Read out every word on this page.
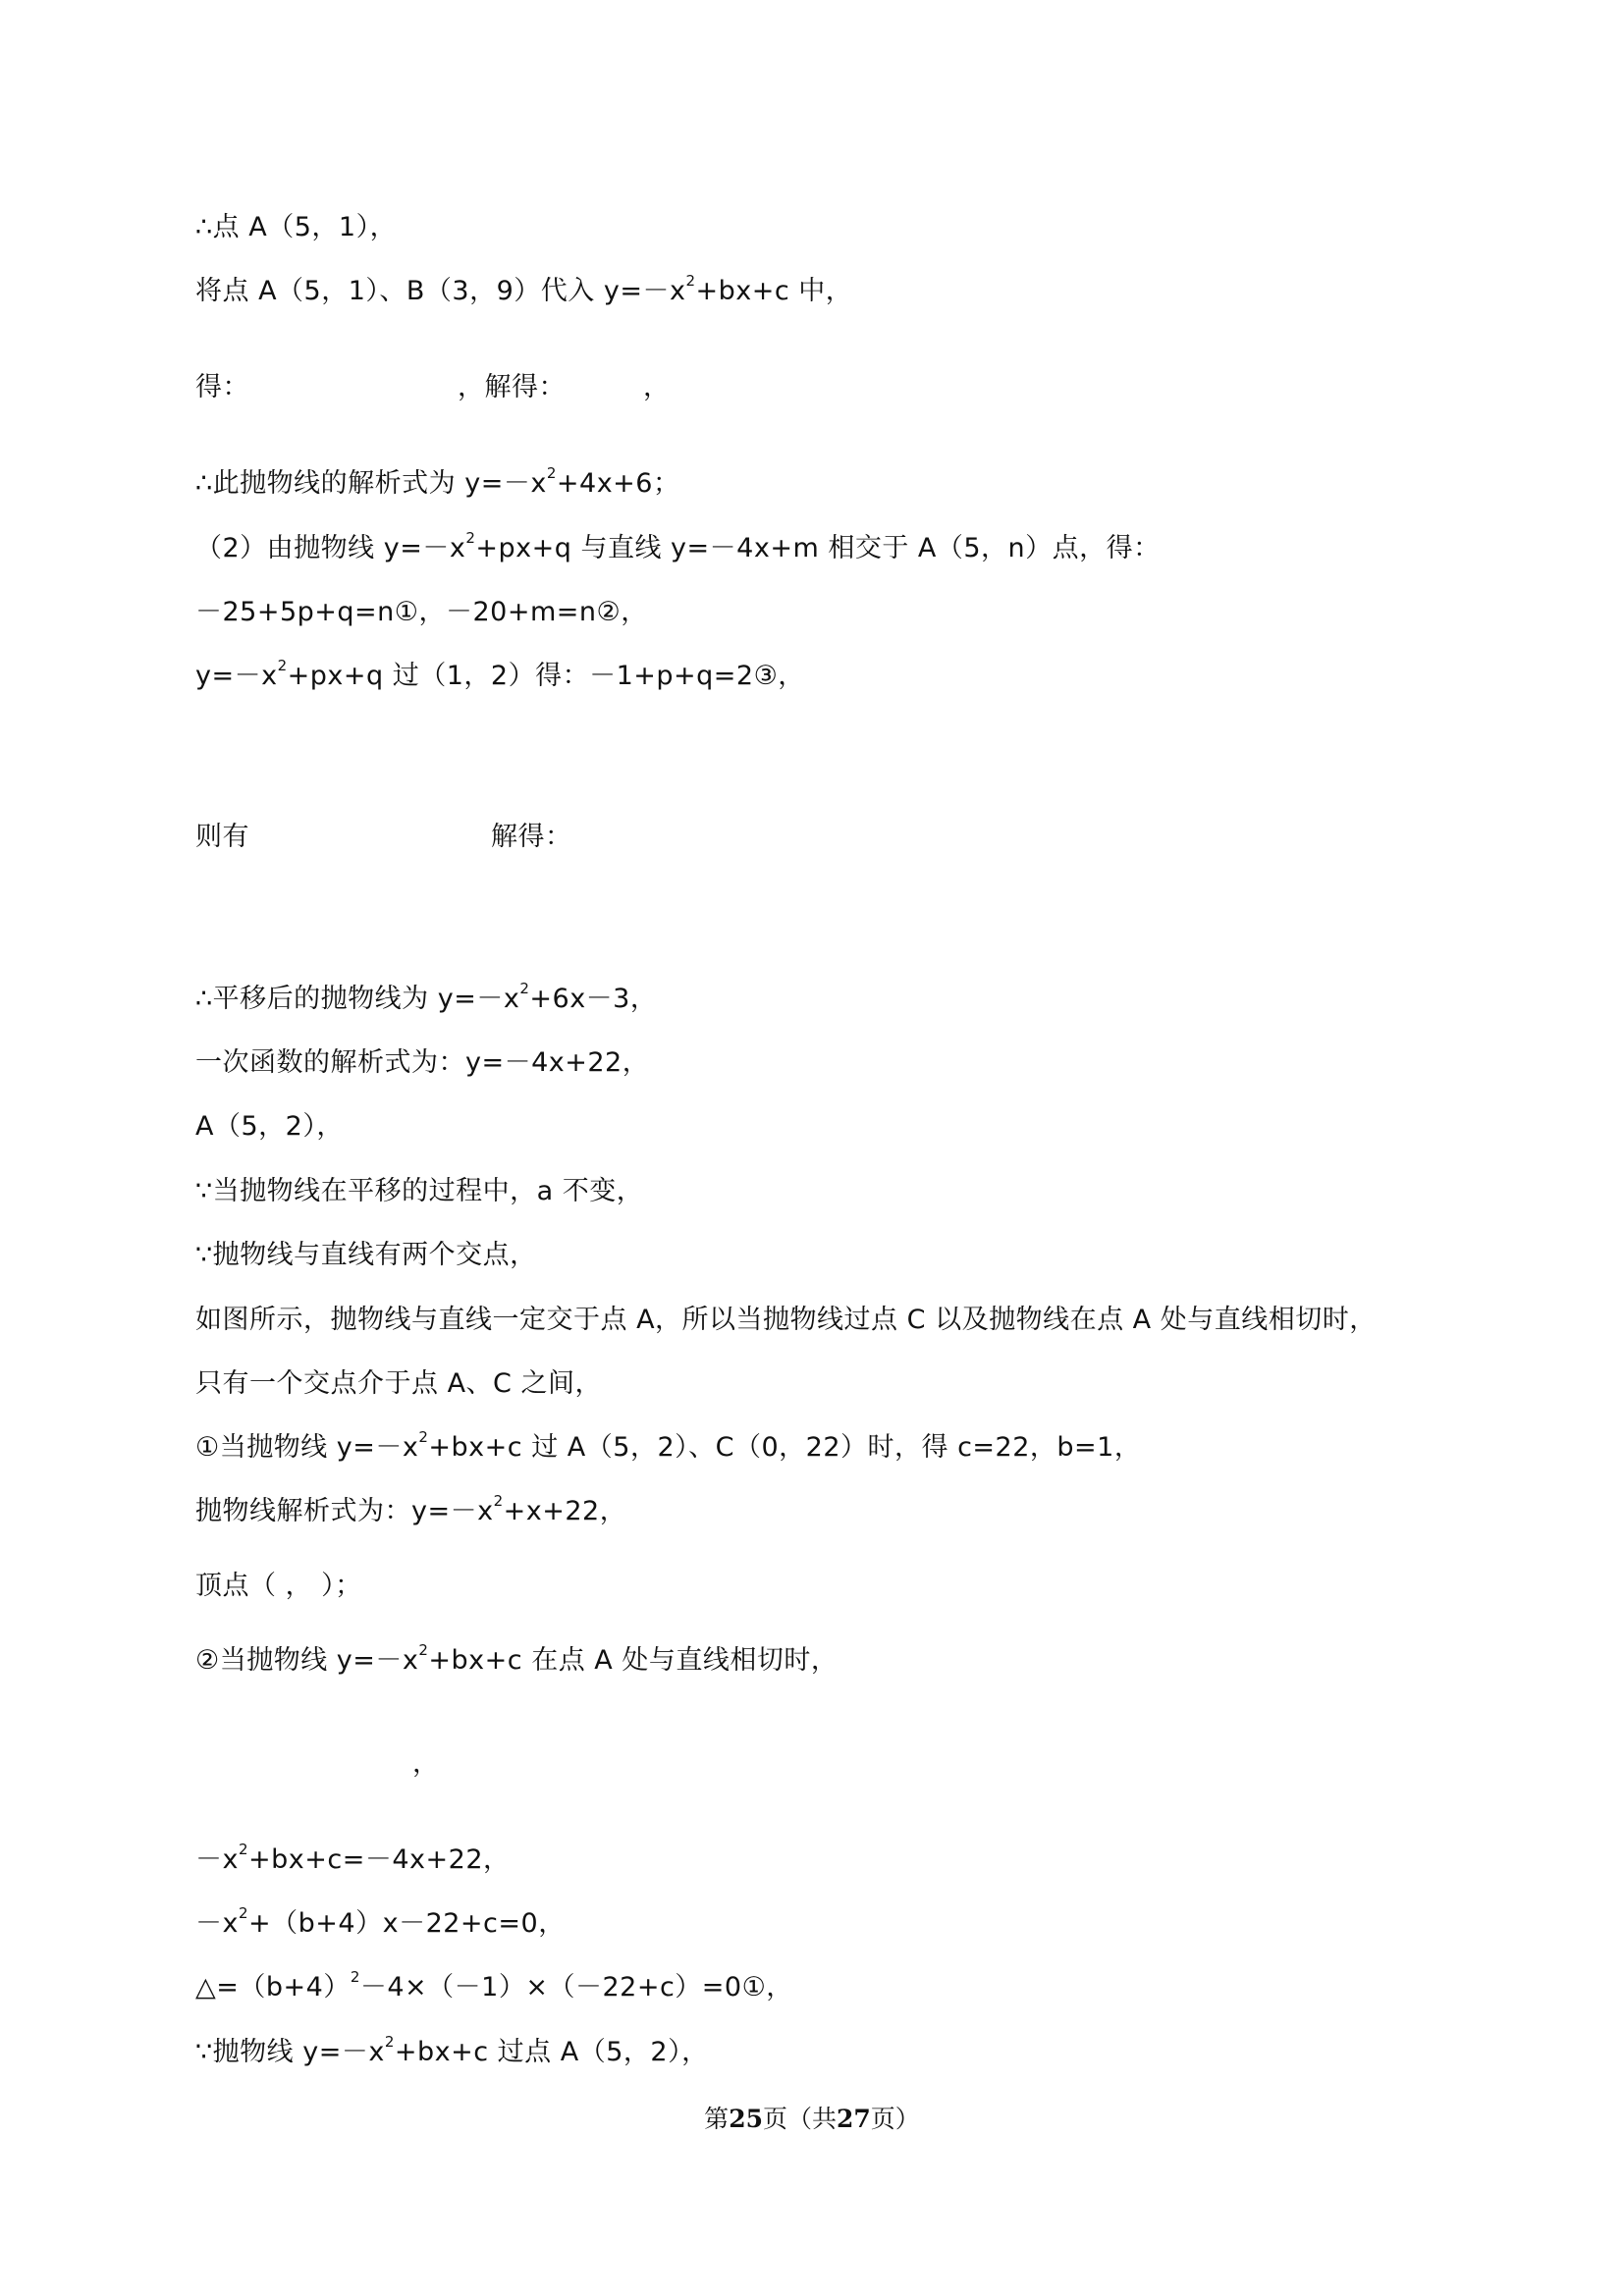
∴点 A（5，1），
将点 A（5，1）、B（3，9）代入 $y=-x^2+bx+c$ 中，
得：	，解得：	，
∴此抛物线的解析式为 $y=-x^2+4x+6$；
（2）由抛物线 $y=-x^2+px+q$ 与直线 y=－4x+m 相交于 A（5，n）点，得：
－25+5p+q=n①，－20+m=n②，
$y=-x^2+px+q$ 过（1，2）得：－1+p+q=2③，
则有	解得：
∴平移后的抛物线为 $y=-x^2+6x-3$，
一次函数的解析式为：y=－4x+22，
A（5，2），
∵当抛物线在平移的过程中，a 不变，
∵抛物线与直线有两个交点，
如图所示，抛物线与直线一定交于点 A，所以当抛物线过点 C 以及抛物线在点 A 处与直线相切时，
只有一个交点介于点 A、C 之间，
①当抛物线 $y=-x^2+bx+c$ 过 A（5，2）、C（0，22）时，得 c=22，b=1，
抛物线解析式为：$y=-x^2+x+22$，
顶点（ ， ）；
②当抛物线 $y=-x^2+bx+c$ 在点 A 处与直线相切时，
，
$-x^2+bx+c=-4x+22$，
$-x^2+(b+4)x-22+c=0$，
$\triangle=(b+4)^2-4\times(-1)\times(-22+c)=0①$，
∵抛物线 $y=-x^2+bx+c$ 过点 A（5，2），
第25页（共27页）
